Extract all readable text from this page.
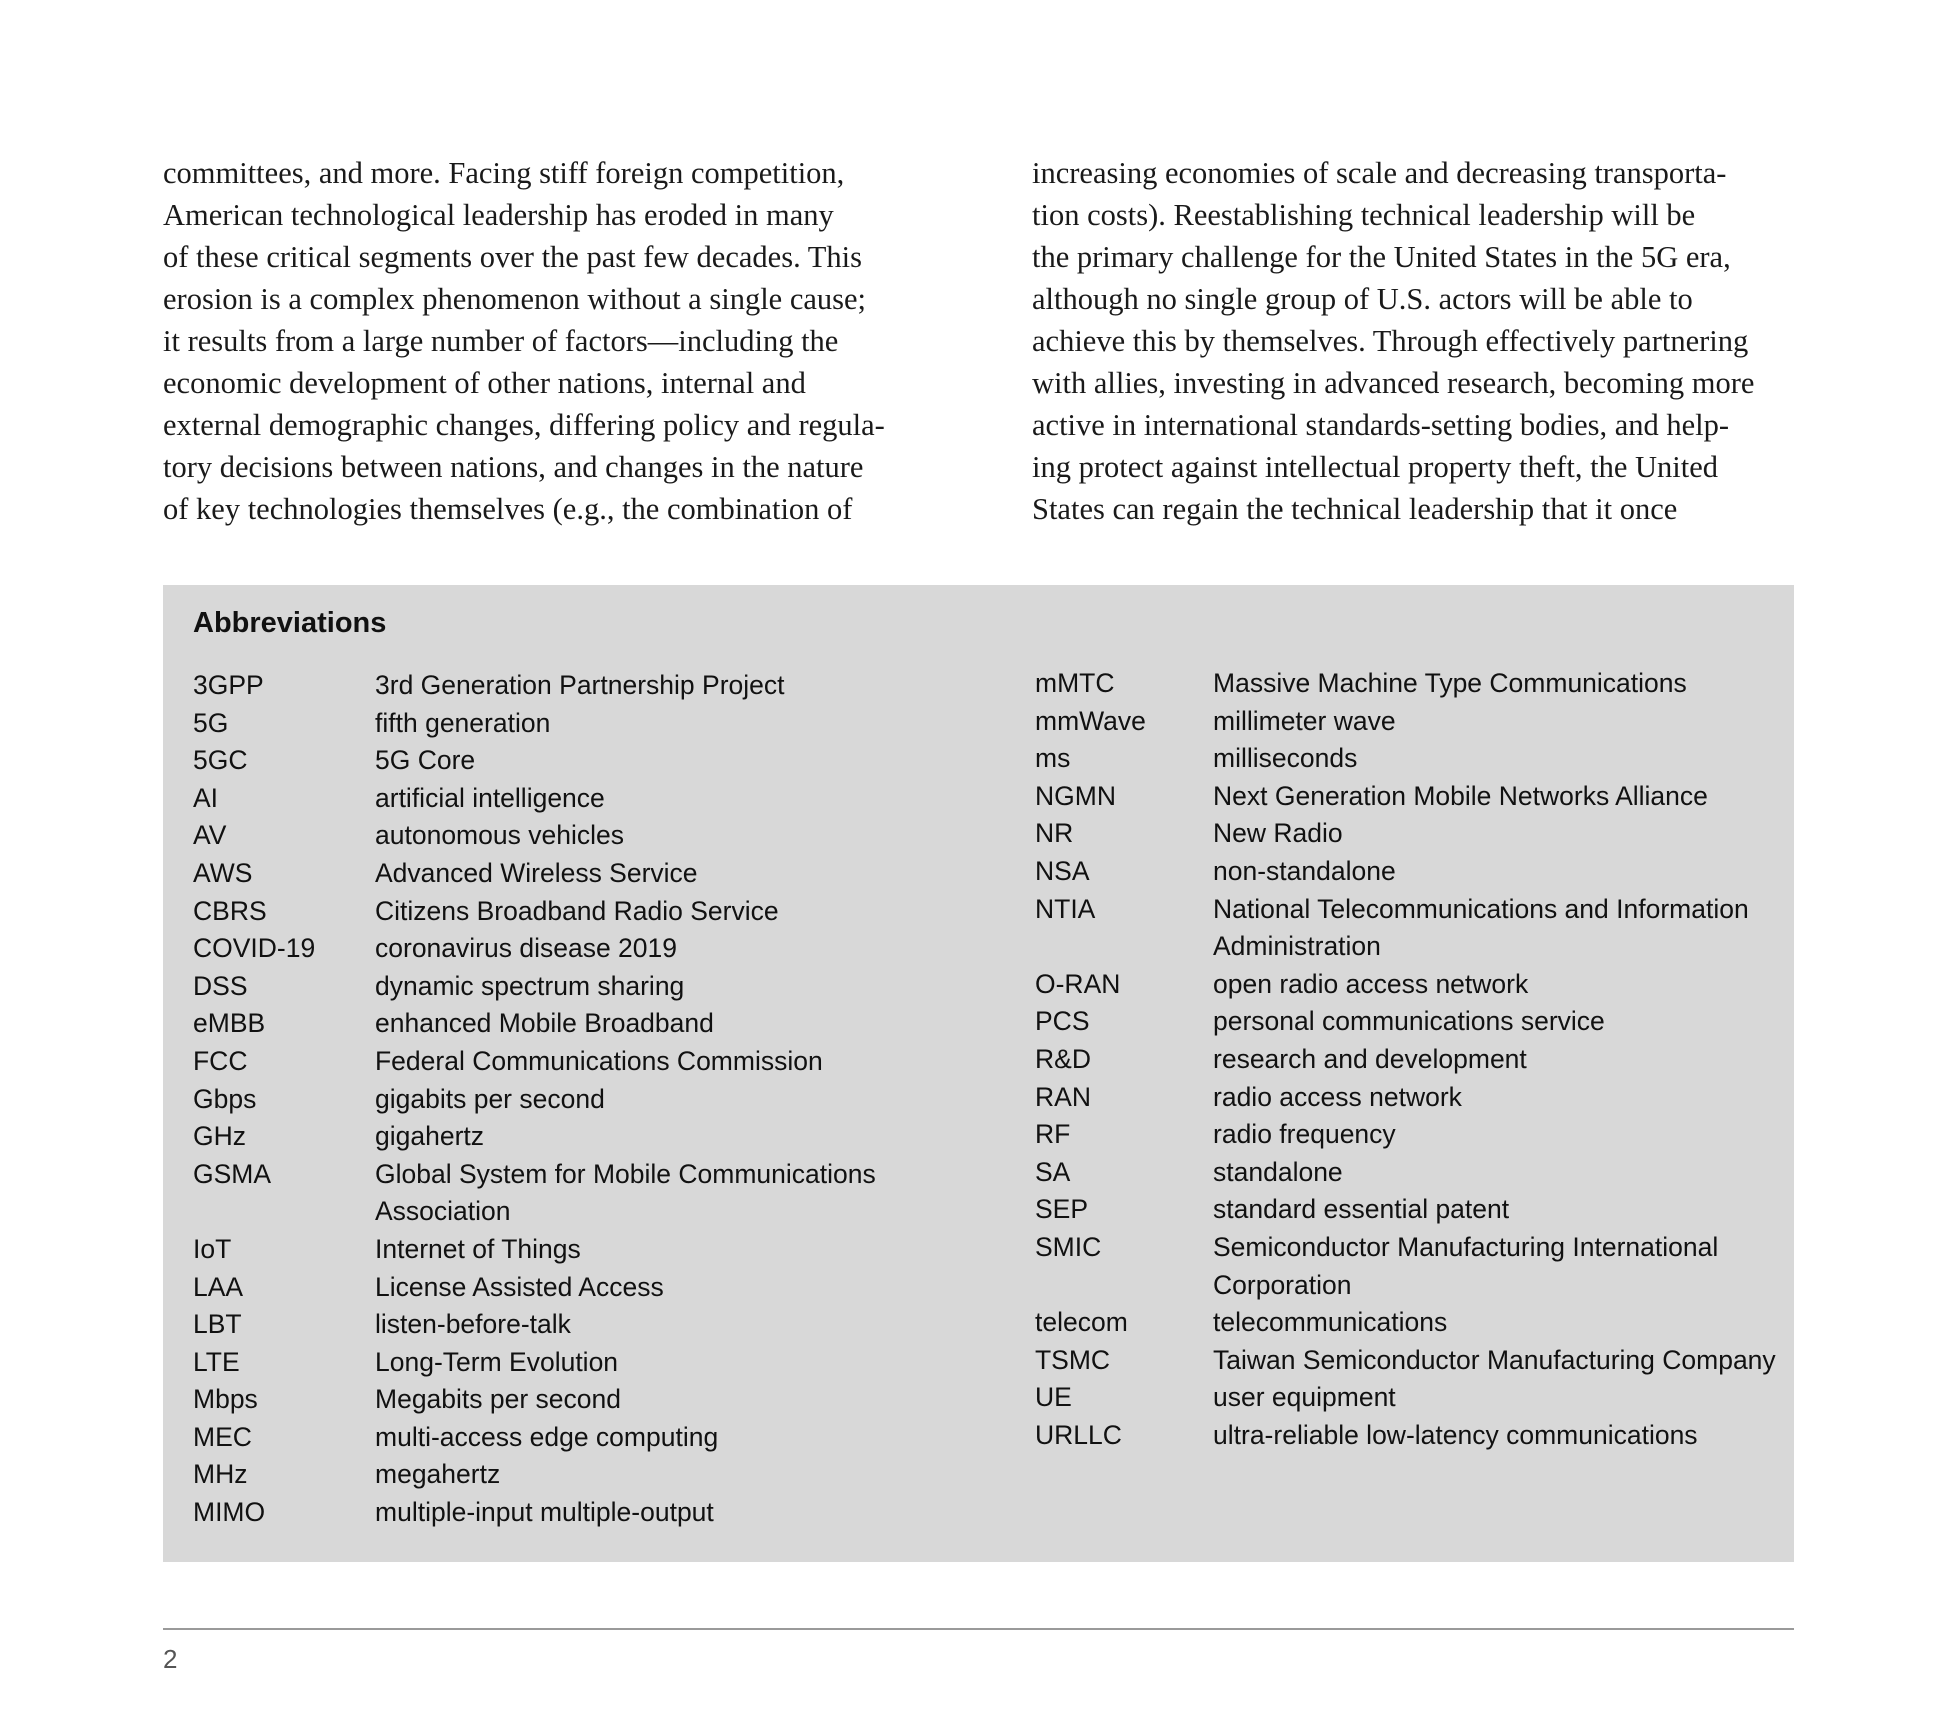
committees, and more. Facing stiff foreign competition,
American technological leadership has eroded in many
of these critical segments over the past few decades. This
erosion is a complex phenomenon without a single cause;
it results from a large number of factors—including the
economic development of other nations, internal and
external demographic changes, differing policy and regula-
tory decisions between nations, and changes in the nature
of key technologies themselves (e.g., the combination of
increasing economies of scale and decreasing transporta-
tion costs). Reestablishing technical leadership will be
the primary challenge for the United States in the 5G era,
although no single group of U.S. actors will be able to
achieve this by themselves. Through effectively partnering
with allies, investing in advanced research, becoming more
active in international standards-setting bodies, and help-
ing protect against intellectual property theft, the United
States can regain the technical leadership that it once
Abbreviations
3GPP	3rd Generation Partnership Project
5G	fifth generation
5GC	5G Core
AI	artificial intelligence
AV	autonomous vehicles
AWS	Advanced Wireless Service
CBRS	Citizens Broadband Radio Service
COVID-19	coronavirus disease 2019
DSS	dynamic spectrum sharing
eMBB	enhanced Mobile Broadband
FCC	Federal Communications Commission
Gbps	gigabits per second
GHz	gigahertz
GSMA	Global System for Mobile Communications Association
IoT	Internet of Things
LAA	License Assisted Access
LBT	listen-before-talk
LTE	Long-Term Evolution
Mbps	Megabits per second
MEC	multi-access edge computing
MHz	megahertz
MIMO	multiple-input multiple-output
mMTC	Massive Machine Type Communications
mmWave	millimeter wave
ms	milliseconds
NGMN	Next Generation Mobile Networks Alliance
NR	New Radio
NSA	non-standalone
NTIA	National Telecommunications and Information Administration
O-RAN	open radio access network
PCS	personal communications service
R&D	research and development
RAN	radio access network
RF	radio frequency
SA	standalone
SEP	standard essential patent
SMIC	Semiconductor Manufacturing International Corporation
telecom	telecommunications
TSMC	Taiwan Semiconductor Manufacturing Company
UE	user equipment
URLLC	ultra-reliable low-latency communications
2
